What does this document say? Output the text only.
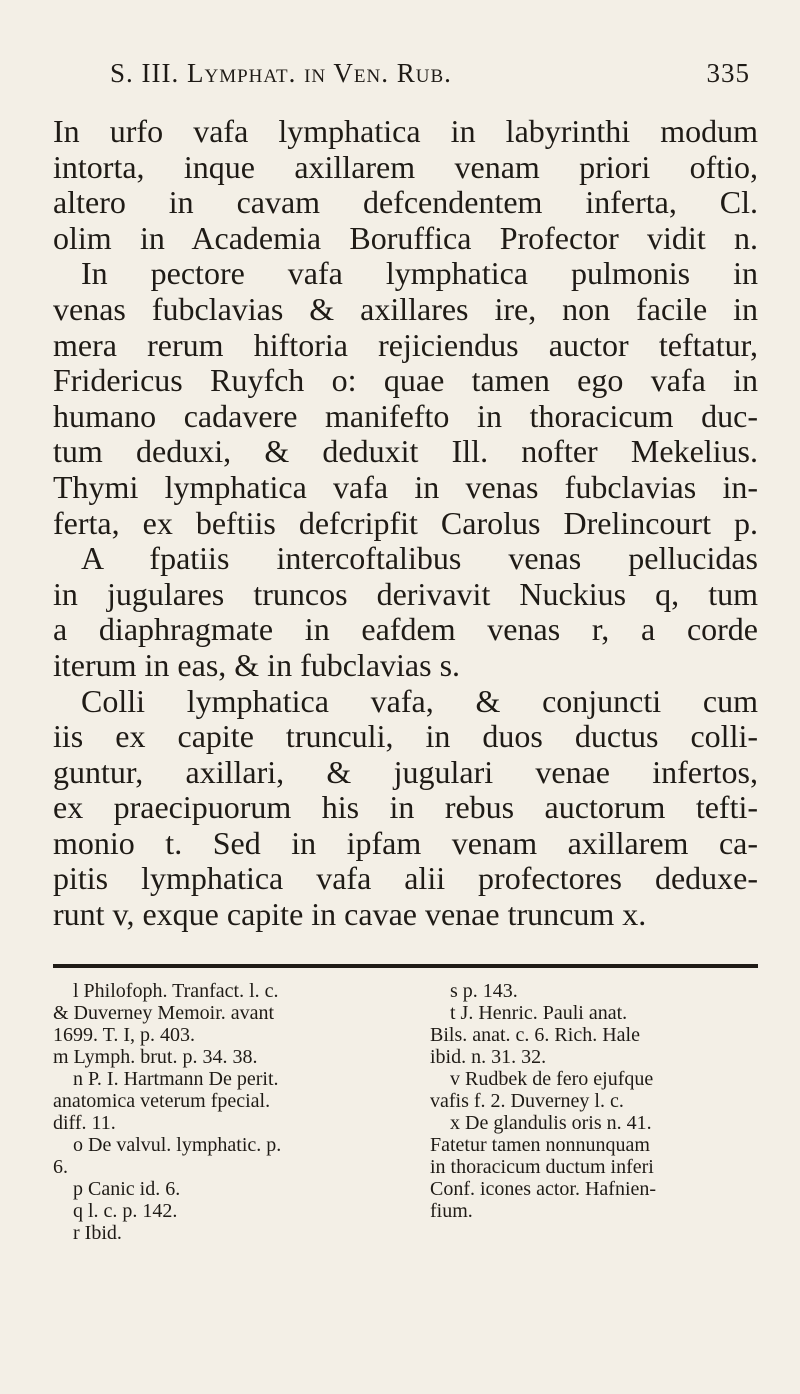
S. III. Lymphat. in Ven. Rub.	335
In urfo vafa lymphatica in labyrinthi modum
intorta, inque axillarem venam priori oftio,
altero in cavam defcendentem inferta, Cl.
olim in Academia Boruffica Profector vidit n.
In pectore vafa lymphatica pulmonis in
venas fubclavias & axillares ire, non facile in
mera rerum hiftoria rejiciendus auctor teftatur,
Fridericus Ruyfch o: quae tamen ego vafa in
humano cadavere manifefto in thoracicum duc-
tum deduxi, & deduxit Ill. nofter Mekelius.
Thymi lymphatica vafa in venas fubclavias in-
ferta, ex beftiis defcripfit Carolus Drelincourt p.
A fpatiis intercoftalibus venas pellucidas
in jugulares truncos derivavit Nuckius q, tum
a diaphragmate in eafdem venas r, a corde
iterum in eas, & in fubclavias s.
Colli lymphatica vafa, & conjuncti cum
iis ex capite trunculi, in duos ductus colli-
guntur, axillari, & jugulari venae infertos,
ex praecipuorum his in rebus auctorum tefti-
monio t. Sed in ipfam venam axillarem ca-
pitis lymphatica vafa alii profectores deduxe-
runt v, exque capite in cavae venae truncum x.
l Philofoph. Tranfact. l. c.
& Duverney Memoir. avant
1699. T. I, p. 403.
m Lymph. brut. p. 34. 38.
n P. I. Hartmann De perit.
anatomica veterum fpecial.
diff. 11.
o De valvul. lymphatic. p.
6.
p Canic id. 6.
q l. c. p. 142.
r Ibid.
s p. 143.
t J. Henric. Pauli anat.
Bils. anat. c. 6. Rich. Hale
ibid. n. 31. 32.
v Rudbek de fero ejufque
vafis f. 2. Duverney l. c.
x De glandulis oris n. 41.
Fatetur tamen nonnunquam
in thoracicum ductum inferi
Conf. icones actor. Hafnien-
fium.
